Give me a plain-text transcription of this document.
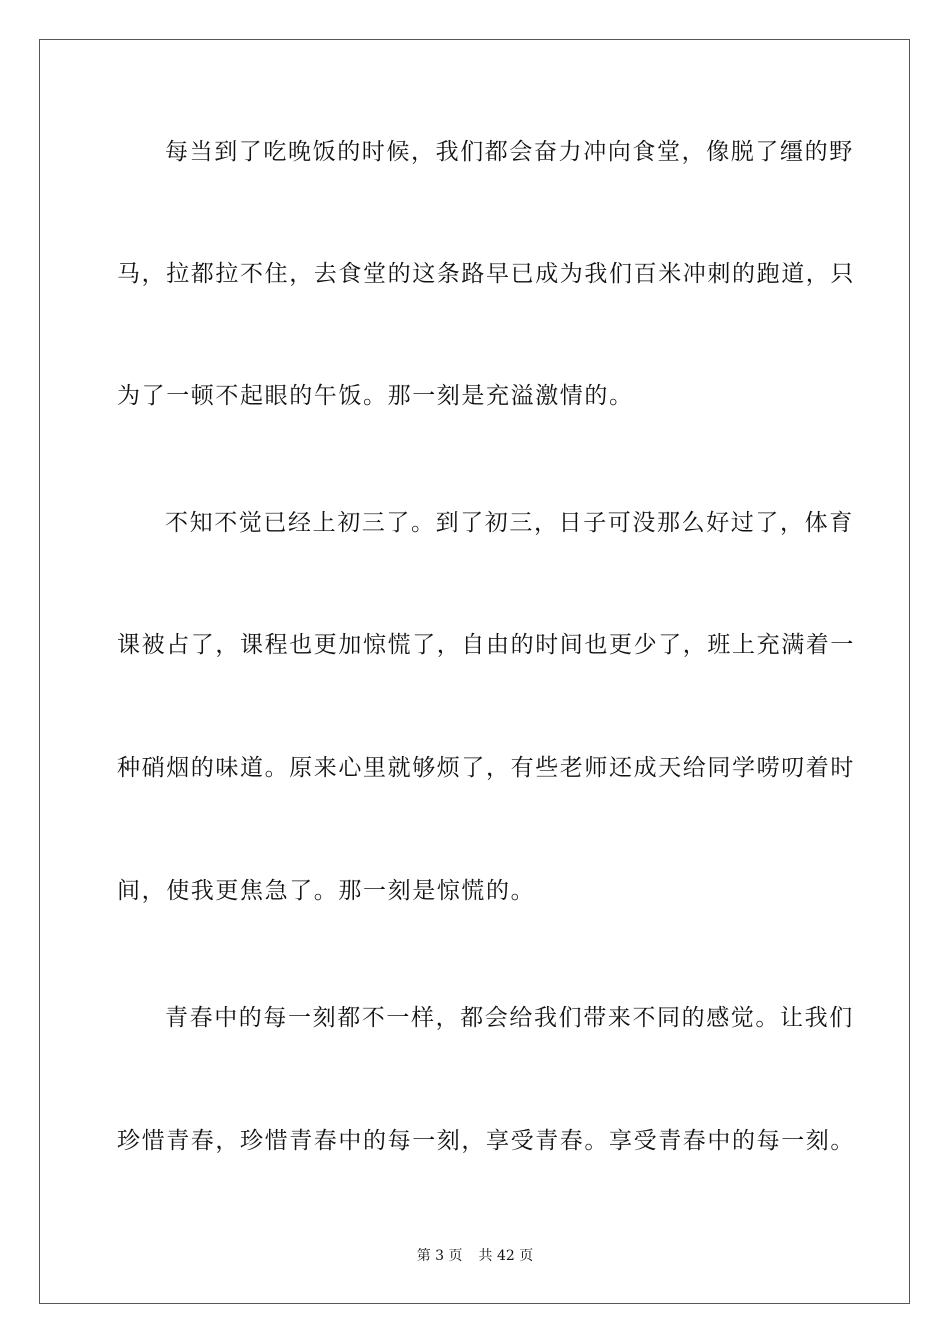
每当到了吃晚饭的时候，我们都会奋力冲向食堂，像脱了缰的野
马，拉都拉不住，去食堂的这条路早已成为我们百米冲刺的跑道，只
为了一顿不起眼的午饭。那一刻是充溢激情的。
不知不觉已经上初三了。到了初三，日子可没那么好过了，体育
课被占了，课程也更加惊慌了，自由的时间也更少了，班上充满着一
种硝烟的味道。原来心里就够烦了，有些老师还成天给同学唠叨着时
间，使我更焦急了。那一刻是惊慌的。
青春中的每一刻都不一样，都会给我们带来不同的感觉。让我们
珍惜青春，珍惜青春中的每一刻，享受青春。享受青春中的每一刻。
第 3 页 共 42 页
